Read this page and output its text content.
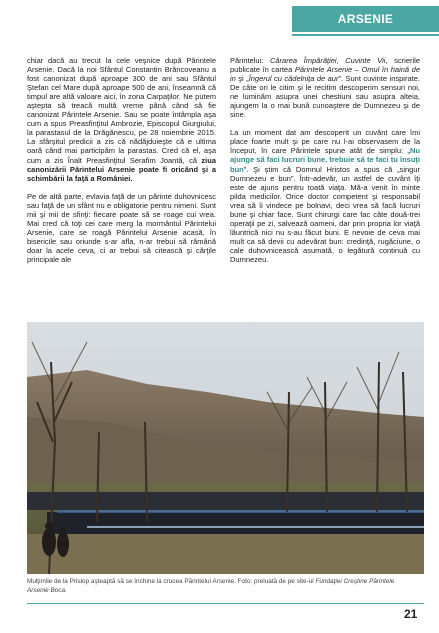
ARSENIE IEROMONAHUL

chiar dacă au trecut la cele veşnice după Părintele Arsenie. Dacă la noi Sfântul Constantin Brâncoveanu a fost canonizat după aproape 300 de ani sau Sfântul Ştefan cel Mare după aproape 500 de ani, înseamnă că timpul are altă valoare aici, în zona Carpaţilor. Ne putem aştepta să treacă multă vreme până când să fie canonizat Părintele Arsenie. Sau se poate întâmpla aşa cum a spus Preasfinţitul Ambrozie, Episcopul Giurgiului, la parastasul de la Drăgănescu, pe 28 noiembrie 2015. La sfârşitul predicii a zis că nădăjduieşte că e ultima oară când mai participăm la parastas. Cred că el, aşa cum a zis Înalt Preasfinţitul Serafim Joantă, că ziua canonizării Părintelui Arsenie poate fi oricând şi a schimbării la faţă a României.

Pe de altă parte, evlavia faţă de un părinte duhovnicesc sau faţă de un sfânt nu e obligatorie pentru nimeni. Sunt mii şi mii de sfinţi: fiecare poate să se roage cui vrea. Mai cred că toţi cei care merg la mormântul Părintelui Arsenie, care se roagă Părintelui Arsenie acasă, în bisericile sau oriunde s-ar afla, n-ar trebui să rămână doar la acele ceva, ci ar trebui să citească şi cărţile principale ale

Părintelui: Cărarea Împărăţiei, Cuvinte Vii, scrierile publicate în cartea Părintele Arsenie – Omul în haină de in şi „Îngerul cu cădelniţa de aur”. Sunt cuvinte inspirate. De câte ori le citim şi le recitim descoperim sensuri noi, ne luminăm asupra unei chestiuni sau asupra alteia, ajungem la o mai bună cunoaştere de Dumnezeu şi de sine.

La un moment dat am descoperit un cuvânt care îmi place foarte mult şi pe care nu l-ai observasem de la început, în care Părintele spune atât de simplu: „Nu ajunge să faci lucruri bune, trebuie să te faci tu însuţi bun”. Şi ştim că Domnul Hristos a spus că „singur Dumnezeu e bun”. Într-adevăr, un astfel de cuvânt îţi este de ajuns pentru toată viaţa. Mă-a venit în minte pilda medicilor. Orice doctor competent şi responsabil vrea să îi vindece pe bolnavi, deci vrea să facă lucruri bune şi chiar face. Sunt chirurgi care fac câte două-trei operaţii pe zi, salvează oameni, dar prin propria lor viaţă lăuntrică nici nu s-au făcut buni. E nevoie de ceva mai mult ca să devii cu adevărat bun: credinţă, rugăciune, o cale duhovnicească asumată, o legătură continuă cu Dumnezeu.

Mulţimile de la Prislop aşteaptă să se închine la crucea Părintelui Arsenie. Foto: preluată de pe site-ul Fundaţiei Creştine Părintele Arsenie Boca.
21
